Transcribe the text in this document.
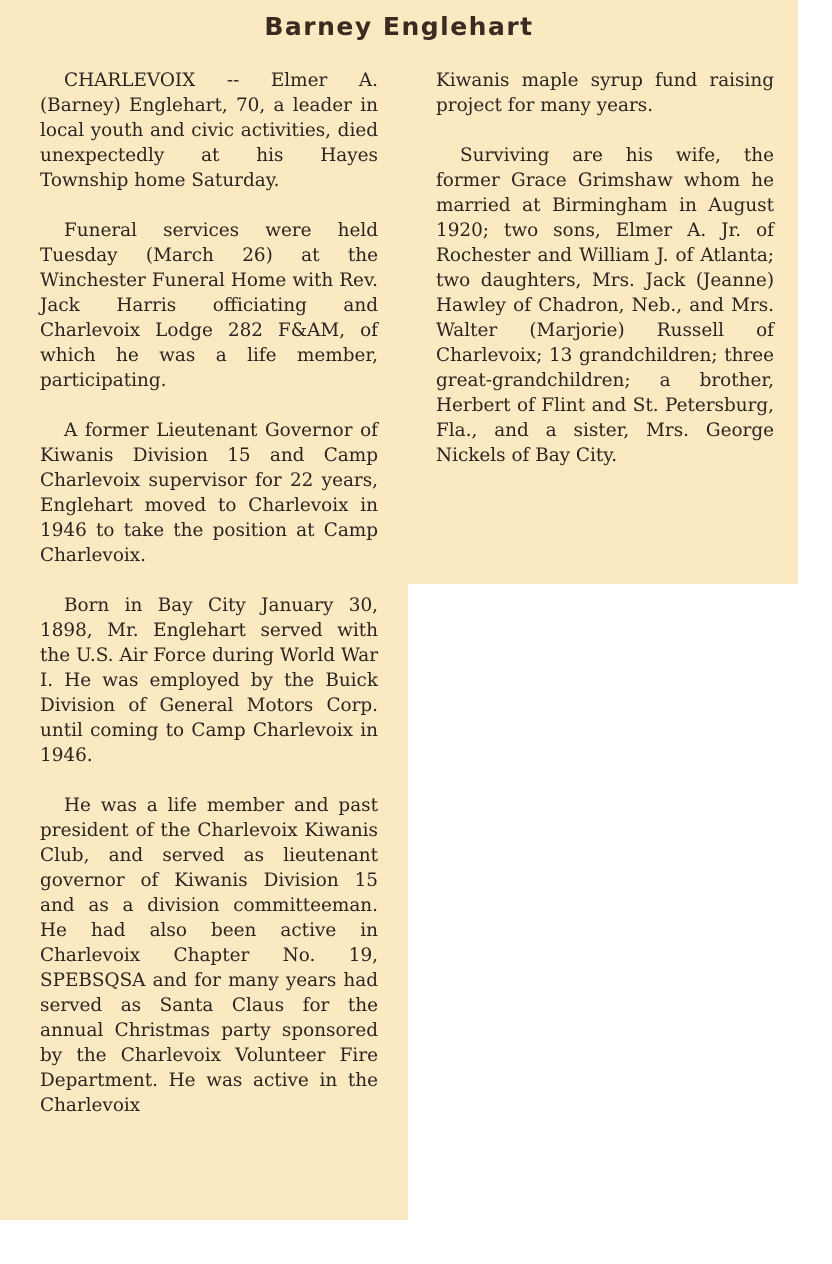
Barney Englehart

CHARLEVOIX -- Elmer A. (Barney) Englehart, 70, a leader in local youth and civic activities, died unexpectedly at his Hayes Township home Saturday.

Funeral services were held Tuesday (March 26) at the Winchester Funeral Home with Rev. Jack Harris officiating and Charlevoix Lodge 282 F&AM, of which he was a life member, participating.

A former Lieutenant Governor of Kiwanis Division 15 and Camp Charlevoix supervisor for 22 years, Englehart moved to Charlevoix in 1946 to take the position at Camp Charlevoix.

Born in Bay City January 30, 1898, Mr. Englehart served with the U.S. Air Force during World War I. He was employed by the Buick Division of General Motors Corp. until coming to Camp Charlevoix in 1946.

He was a life member and past president of the Charlevoix Kiwanis Club, and served as lieutenant governor of Kiwanis Division 15 and as a division committeeman. He had also been active in Charlevoix Chapter No. 19, SPEBSQSA and for many years had served as Santa Claus for the annual Christmas party sponsored by the Charlevoix Volunteer Fire Department. He was active in the Charlevoix

Kiwanis maple syrup fund raising project for many years.

Surviving are his wife, the former Grace Grimshaw whom he married at Birmingham in August 1920; two sons, Elmer A. Jr. of Rochester and William J. of Atlanta; two daughters, Mrs. Jack (Jeanne) Hawley of Chadron, Neb., and Mrs. Walter (Marjorie) Russell of Charlevoix; 13 grandchildren; three great-grandchildren; a brother, Herbert of Flint and St. Petersburg, Fla., and a sister, Mrs. George Nickels of Bay City.
